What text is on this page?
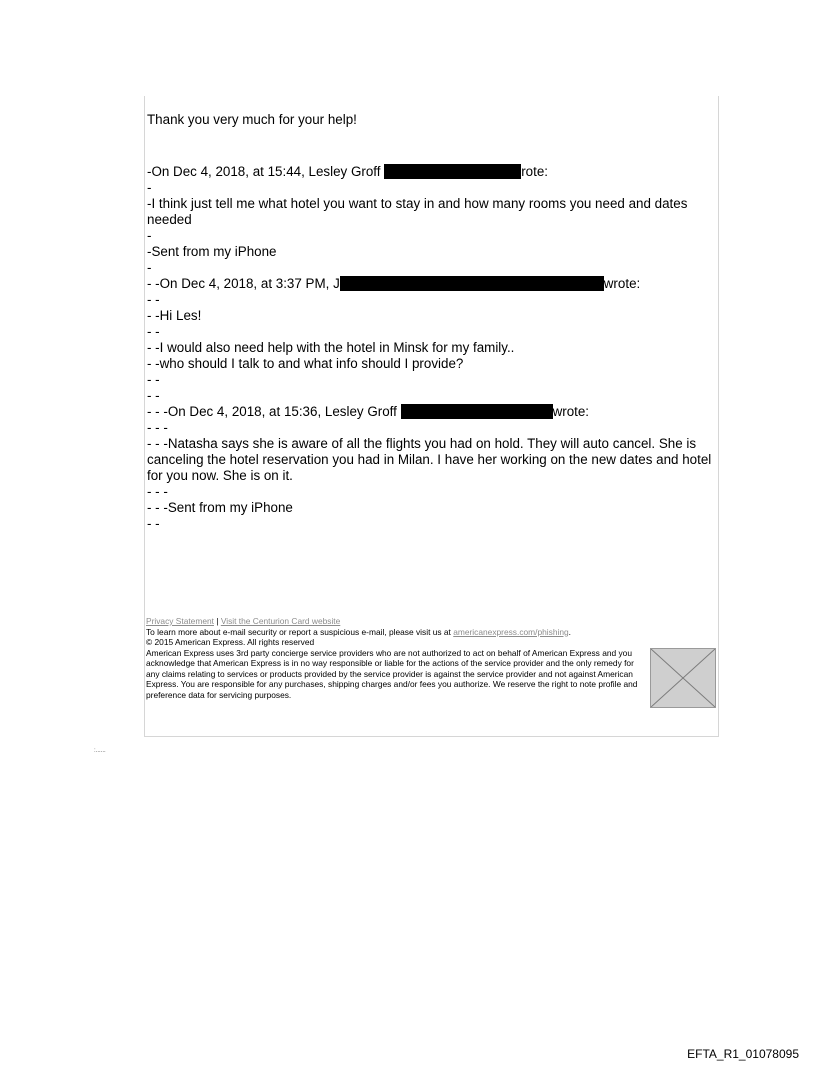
Thank you very much for your help!
-On Dec 4, 2018, at 15:44, Lesley Groff	rote:
-
-I think just tell me what hotel you want to stay in and how many rooms you need and dates needed
-
-Sent from my iPhone
-
- -On Dec 4, 2018, at 3:37 PM, J	wrote:
- -
- -Hi Les!
- -
- -I would also need help with the hotel in Minsk for my family..
- -who should I talk to and what info should I provide?
- -
- -
- - -On Dec 4, 2018, at 15:36, Lesley Groff	wrote:
- - -
- - -Natasha says she is aware of all the flights you had on hold. They will auto cancel. She is canceling the hotel reservation you had in Milan. I have her working on the new dates and hotel for you now. She is on it.
- - -
- - -Sent from my iPhone
- -
Privacy Statement | Visit the Centurion Card website
To learn more about e-mail security or report a suspicious e-mail, please visit us at americanexpress.com/phishing.
© 2015 American Express. All rights reserved
American Express uses 3rd party concierge service providers who are not authorized to act on behalf of American Express and you acknowledge that American Express is in no way responsible or liable for the actions of the service provider and the only remedy for any claims relating to services or products provided by the service provider is against the service provider and not against American Express. You are responsible for any purchases, shipping charges and/or fees you authorize. We reserve the right to note profile and preference data for servicing purposes.
:......
EFTA_R1_01078095
